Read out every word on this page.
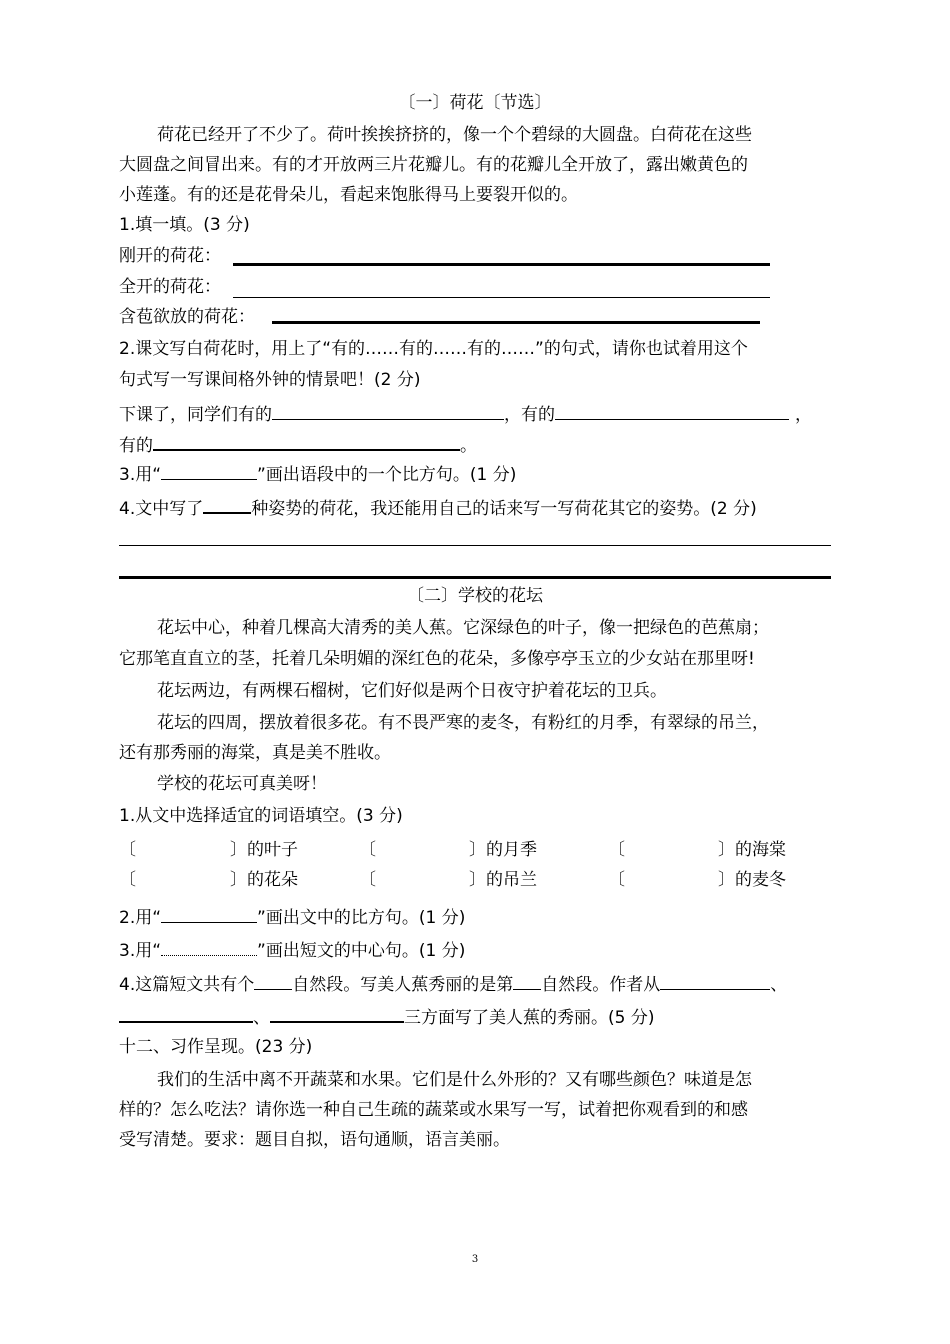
〔一〕荷花〔节选〕
荷花已经开了不少了。荷叶挨挨挤挤的，像一个个碧绿的大圆盘。白荷花在这些
大圆盘之间冒出来。有的才开放两三片花瓣儿。有的花瓣儿全开放了，露出嫩黄色的
小莲蓬。有的还是花骨朵儿，看起来饱胀得马上要裂开似的。
1.填一填。(3 分)
刚开的荷花：
全开的荷花：
含苞欲放的荷花：
2.课文写白荷花时，用上了“有的……有的……有的……”的句式，请你也试着用这个
句式写一写课间格外钟的情景吧！(2 分)
下课了，同学们有的	，有的	，
有的	。
3.用“	”画出语段中的一个比方句。(1 分)
4.文中写了	种姿势的荷花，我还能用自己的话来写一写荷花其它的姿势。(2 分)
〔二〕学校的花坛
花坛中心，种着几棵高大清秀的美人蕉。它深绿色的叶子，像一把绿色的芭蕉扇；
它那笔直直立的茎，托着几朵明媚的深红色的花朵，多像亭亭玉立的少女站在那里呀!
花坛两边，有两棵石榴树，它们好似是两个日夜守护着花坛的卫兵。
花坛的四周，摆放着很多花。有不畏严寒的麦冬，有粉红的月季，有翠绿的吊兰，
还有那秀丽的海棠，真是美不胜收。
学校的花坛可真美呀！
1.从文中选择适宜的词语填空。(3 分)
〔	〕的叶子	〔	〕的月季	〔	〕的海棠
〔	〕的花朵	〔	〕的吊兰	〔	〕的麦冬
2.用“	”画出文中的比方句。(1 分)
3.用“	”画出短文的中心句。(1 分)
4.这篇短文共有个 自然段。写美人蕉秀丽的是第 自然段。作者从	、
、	三方面写了美人蕉的秀丽。(5 分)
十二、习作呈现。(23 分)
我们的生活中离不开蔬菜和水果。它们是什么外形的？又有哪些颜色？味道是怎
样的？怎么吃法？请你选一种自己生疏的蔬菜或水果写一写，试着把你观看到的和感
受写清楚。要求：题目自拟，语句通顺，语言美丽。
3
